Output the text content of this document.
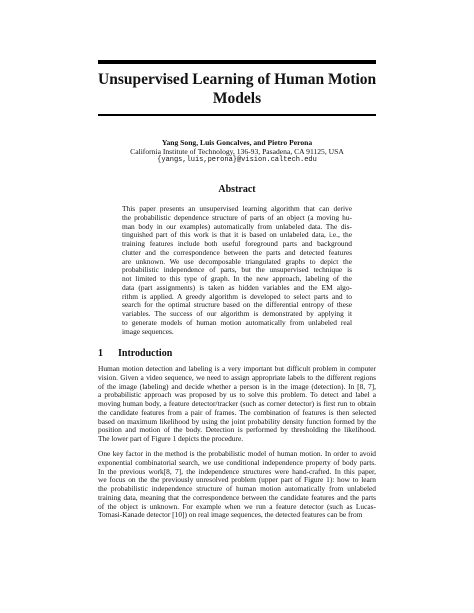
Unsupervised Learning of Human Motion
Models
Yang Song, Luis Goncalves, and Pietro Perona
California Institute of Technology, 136-93, Pasadena, CA 91125, USA
{yangs,luis,perona}@vision.caltech.edu
Abstract
This paper presents an unsupervised learning algorithm that can derive
the probabilistic dependence structure of parts of an object (a moving hu-
man body in our examples) automatically from unlabeled data. The dis-
tinguished part of this work is that it is based on unlabeled data, i.e., the
training features include both useful foreground parts and background
clutter and the correspondence between the parts and detected features
are unknown. We use decomposable triangulated graphs to depict the
probabilistic independence of parts, but the unsupervised technique is
not limited to this type of graph. In the new approach, labeling of the
data (part assignments) is taken as hidden variables and the EM algo-
rithm is applied. A greedy algorithm is developed to select parts and to
search for the optimal structure based on the differential entropy of these
variables. The success of our algorithm is demonstrated by applying it
to generate models of human motion automatically from unlabeled real
image sequences.
1 Introduction
Human motion detection and labeling is a very important but difficult problem in computer
vision. Given a video sequence, we need to assign appropriate labels to the different regions
of the image (labeling) and decide whether a person is in the image (detection). In [8, 7],
a probabilistic approach was proposed by us to solve this problem. To detect and label a
moving human body, a feature detector/tracker (such as corner detector) is first run to obtain
the candidate features from a pair of frames. The combination of features is then selected
based on maximum likelihood by using the joint probability density function formed by the
position and motion of the body. Detection is performed by thresholding the likelihood.
The lower part of Figure 1 depicts the procedure.
One key factor in the method is the probabilistic model of human motion. In order to avoid
exponential combinatorial search, we use conditional independence property of body parts.
In the previous work[8, 7], the independence structures were hand-crafted. In this paper,
we focus on the the previously unresolved problem (upper part of Figure 1): how to learn
the probabilistic independence structure of human motion automatically from unlabeled
training data, meaning that the correspondence between the candidate features and the parts
of the object is unknown. For example when we run a feature detector (such as Lucas-
Tomasi-Kanade detector [10]) on real image sequences, the detected features can be from
